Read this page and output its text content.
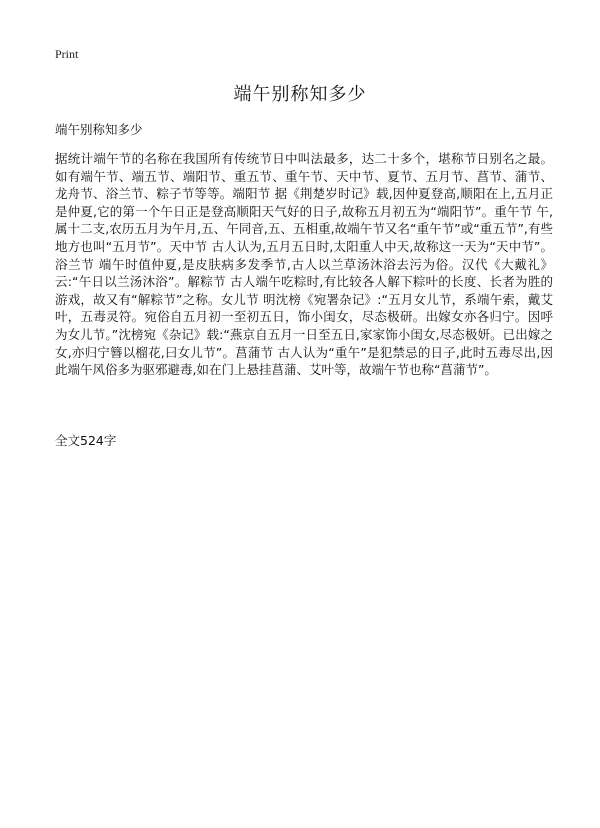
Print
端午别称知多少
端午别称知多少

据统计端午节的名称在我国所有传统节日中叫法最多，达二十多个，堪称节日别名之最。如有端午节、端五节、端阳节、重五节、重午节、天中节、夏节、五月节、菖节、蒲节、龙舟节、浴兰节、粽子节等等。端阳节 据《荆楚岁时记》载,因仲夏登高,顺阳在上,五月正是仲夏,它的第一个午日正是登高顺阳天气好的日子,故称五月初五为“端阳节”。重午节 午,属十二支,农历五月为午月,五、午同音,五、五相重,故端午节又名“重午节”或“重五节”,有些地方也叫“五月节”。天中节 古人认为,五月五日时,太阳重人中天,故称这一天为“天中节”。浴兰节 端午时值仲夏,是皮肤病多发季节,古人以兰草汤沐浴去污为俗。汉代《大戴礼》云:“午日以兰汤沐浴”。解粽节 古人端午吃粽时,有比较各人解下粽叶的长度、长者为胜的游戏，故又有“解粽节”之称。女儿节 明沈榜《宛署杂记》:“五月女儿节，系端午索，戴艾叶，五毒灵符。宛俗自五月初一至初五日，饰小闺女，尽态极研。出嫁女亦各归宁。因呼为女儿节。”沈榜宛《杂记》载:“燕京自五月一日至五日,家家饰小闺女,尽态极妍。已出嫁之女,亦归宁簪以榴花,曰女儿节”。菖蒲节 古人认为“重午”是犯禁忌的日子,此时五毒尽出,因此端午风俗多为驱邪避毒,如在门上悬挂菖蒲、艾叶等，故端午节也称“菖蒲节”。

全文524字
